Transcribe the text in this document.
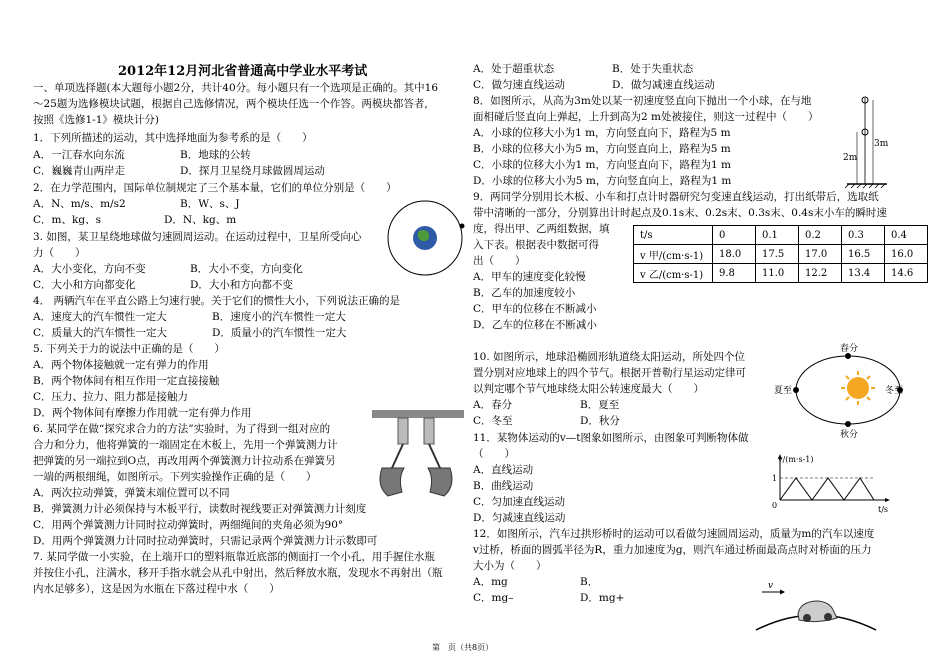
2012年12月河北省普通高中学业水平考试
一、单项选择题(本大题每小题2分，共计40分。每小题只有一个选项是正确的。其中16
～25题为选修模块试题，根据自己选修情况，两个模块任选一个作答。两模块都答者,
按照《选修1-1》模块计分)
1．下列所描述的运动，其中选择地面为参考系的是（　　）
A．一江春水向东流	B．地球的公转
C．巍巍青山两岸走	D．探月卫星绕月球做圆周运动
2．在力学范围内，国际单位制规定了三个基本量，它们的单位分别是（　　）
A．N、m/s、m/s2	B．W、s、J
C．m、kg、s	D．N、kg、m
3. 如图，某卫星绕地球做匀速圆周运动。在运动过程中，卫星所受向心
力（　　）
A．大小变化，方向不变	B．大小不变，方向变化
C．大小和方向都变化	D．大小和方向都不变
4． 两辆汽车在平直公路上匀速行驶。关于它们的惯性大小，下列说法正确的是
A．速度大的汽车惯性一定大	B．速度小的汽车惯性一定大
C．质量大的汽车惯性一定大	D．质量小的汽车惯性一定大
5. 下列关于力的说法中正确的是（　　）
A．两个物体接触就一定有弹力的作用
B．两个物体间有相互作用一定直接接触
C．压力、拉力、阻力都是接触力
D．两个物体间有摩擦力作用就一定有弹力作用
6. 某同学在做“探究求合力的方法”实验时，为了得到一组对应的
合力和分力，他将弹簧的一端固定在木板上，先用一个弹簧测力计
把弹簧的另一端拉到O点，再改用两个弹簧测力计拉动系在弹簧另
一端的两根细绳，如图所示。下列实验操作正确的是（　　）
A．两次拉动弹簧，弹簧末端位置可以不同
B．弹簧测力计必须保持与木板平行，读数时视线要正对弹簧测力计刻度
C．用两个弹簧测力计同时拉动弹簧时，两细绳间的夹角必须为90°
D．用两个弹簧测力计同时拉动弹簧时，只需记录两个弹簧测力计示数即可
7. 某同学做一小实验，在上端开口的塑料瓶靠近底部的侧面打一个小孔，用手握住水瓶
并按住小孔，注满水，移开手指水就会从孔中射出，然后释放水瓶，发现水不再射出（瓶
内水足够多），这是因为水瓶在下落过程中水（　　）
A．处于超重状态	B．处于失重状态
C．做匀速直线运动	D．做匀减速直线运动
8．如图所示，从高为3m处以某一初速度竖直向下抛出一个小球，在与地
面相碰后竖直向上弹起，上升到高为2 m处被接住，则这一过程中（　　）
A．小球的位移大小为1 m，方向竖直向下，路程为5 m
B．小球的位移大小为5 m，方向竖直向上，路程为5 m
C．小球的位移大小为1 m，方向竖直向下，路程为1 m
D．小球的位移大小为5 m，方向竖直向上，路程为1 m
3m
2m
9．两同学分别用长木板、小车和打点计时器研究匀变速直线运动，打出纸带后，选取纸
带中清晰的一部分，分别算出计时起点及0.1s末、0.2s末、0.3s末、0.4s末小车的瞬时速
度，得出甲、乙两组数据，填
入下表。根据表中数据可得
出（　　）
A．甲车的速度变化较慢
B．乙车的加速度较小
C．甲车的位移在不断减小
D．乙车的位移在不断减小
t/s	0	0.1	0.2	0.3	0.4
v 甲/(cm·s-1)	18.0	17.5	17.0	16.5	16.0
v 乙/(cm·s-1)	9.8	11.0	12.2	13.4	14.6
10. 如图所示，地球沿椭圆形轨道绕太阳运动，所处四个位
置分别对应地球上的四个节气。根据开普勒行星运动定律可
以判定哪个节气地球绕太阳公转速度最大（　　）
A．春分	B．夏至
C．冬至	D．秋分
春分
夏至	冬至
秋分
11．某物体运动的v—t图象如图所示，由图象可判断物体做
（　　）
A．直线运动
B．曲线运动
C．匀加速直线运动
D．匀减速直线运动
v/(m·s-1)
t/s
1
0
12．如图所示，汽车过拱形桥时的运动可以看做匀速圆周运动，质量为m的汽车以速度
v过桥，桥面的圆弧半径为R，重力加速度为g，则汽车通过桥面最高点时对桥面的压力
大小为（　　）
A．mg	B．
C．mg–	D．mg+
v
第　页（共8页）
